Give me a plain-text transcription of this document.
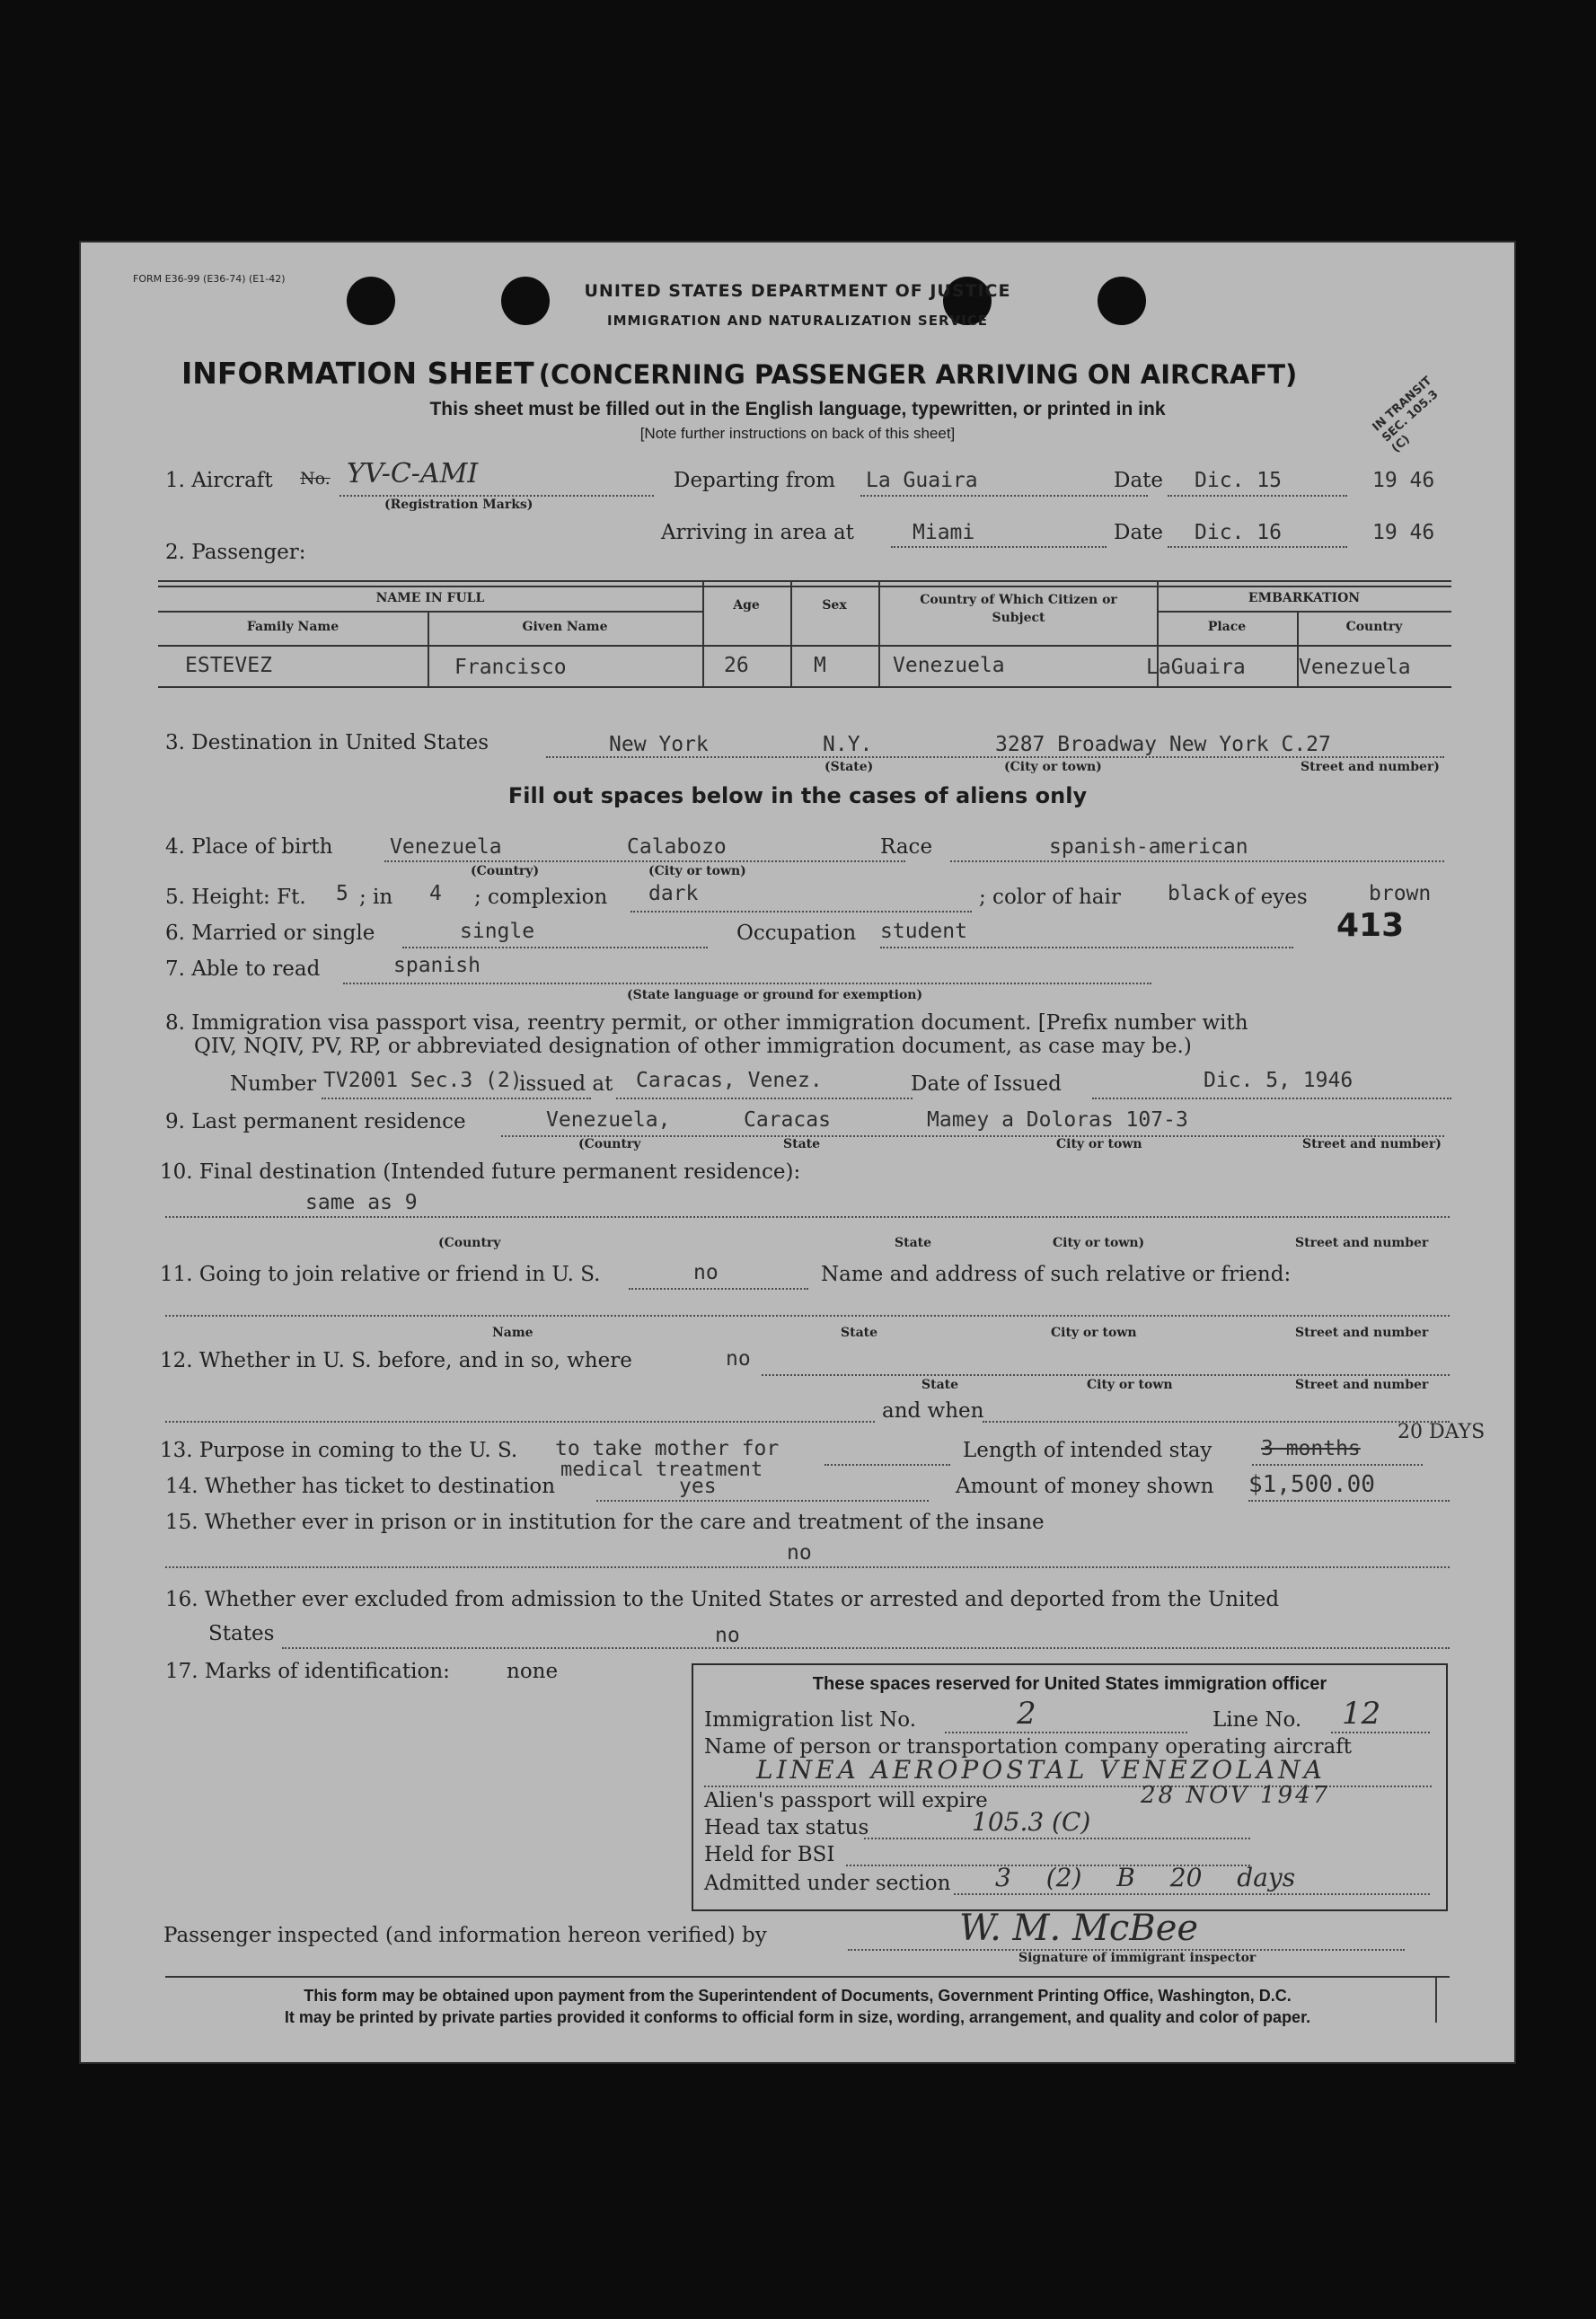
FORM E36-99 (E36-74) (E1-42)
UNITED STATES DEPARTMENT OF JUSTICE
IMMIGRATION AND NATURALIZATION SERVICE
INFORMATION SHEET (CONCERNING PASSENGER ARRIVING ON AIRCRAFT)
This sheet must be filled out in the English language, typewritten, or printed in ink
[Note further instructions on back of this sheet]	IN TRANSIT SEC. 105.3 (C)
1. Aircraft No. YV-C-AMI
(Registration Marks)
Departing from La Guaira	Date Dic. 15	19 46
Arriving in area at	Miami	Date Dic. 16	19 46
2. Passenger:
NAME IN FULL
Family Name	Given Name
Age	Sex	Country of Which Citizen or Subject
EMBARKATION
Place	Country
ESTEVEZ	Francisco	26	M	Venezuela	LaGuaira	Venezuela
3. Destination in United States	New York	N.Y.	3287 Broadway New York C.27
(State)	(City or town)	Street and number)
Fill out spaces below in the cases of aliens only
4. Place of birth	Venezuela	Calabozo
(Country)	(City or town)
Race	spanish-american
5. Height: Ft. 5 ; in 4 ; complexion dark	; color of hair black of eyes	brown
6. Married or single	single	Occupation student	413
7. Able to read	spanish
(State language or ground for exemption)
8. Immigration visa passport visa, reentry permit, or other immigration document. [Prefix number with
QIV, NQIV, PV, RP, or abbreviated designation of other immigration document, as case may be.)
Number TV2001 Sec.3 (2)
issued at Caracas, Venez.	Date of Issued	Dic. 5, 1946
9. Last permanent residence	Venezuela,	Caracas	Mamey a Doloras 107-3
(Country	State	City or town	Street and number)
10. Final destination (Intended future permanent residence):
same as 9
(Country	State	City or town)	Street and number
11. Going to join relative or friend in U. S.	no	Name and address of such relative or friend:
Name	State	City or town	Street and number
12. Whether in U. S. before, and in so, where	no
State	City or town	Street and number
and when
13. Purpose in coming to the U. S. to take mother for
medical treatment
Length of intended stay 3 months
20 DAYS
14. Whether has ticket to destination	yes	Amount of money shown $1,500.00
15. Whether ever in prison or in institution for the care and treatment of the insane
no
16. Whether ever excluded from admission to the United States or arrested and deported from the United
States	no
17. Marks of identification:	none
These spaces reserved for United States immigration officer
Immigration list No.	2	Line No. 12
Name of person or transportation company operating aircraft
LINEA AEROPOSTAL VENEZOLANA
Alien's passport will expire	28 NOV 1947
Head tax status	105.3 (C)
Held for BSI
Admitted under section 3 (2) B 20 days
Passenger inspected (and information hereon verified) by	W. M. McBee
Signature of immigrant inspector
This form may be obtained upon payment from the Superintendent of Documents, Government Printing Office, Washington, D.C.
It may be printed by private parties provided it conforms to official form in size, wording, arrangement, and quality and color of paper.
